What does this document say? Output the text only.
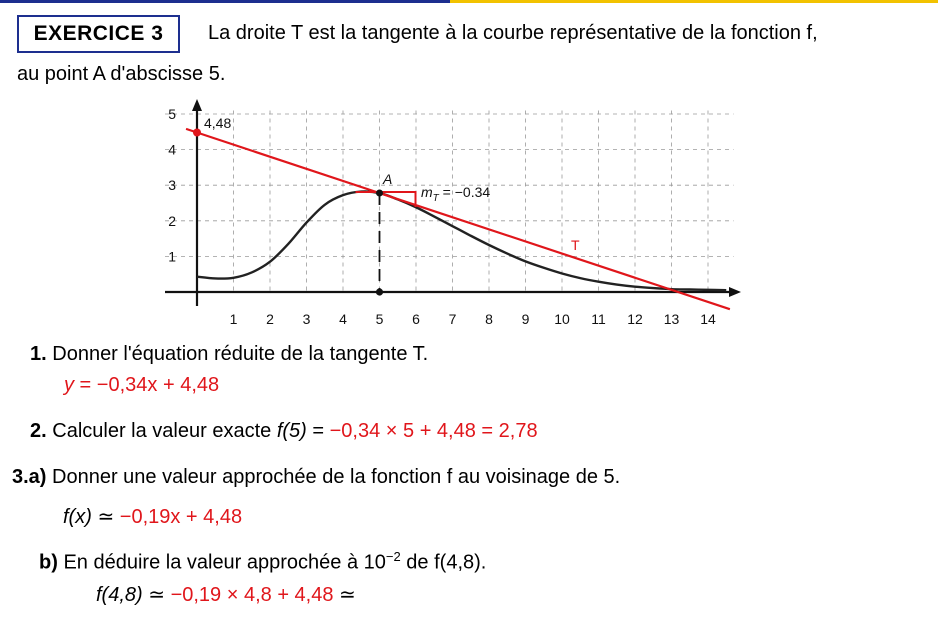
EXERCICE 3	La droite T est la tangente à la courbe représentative de la fonction f,
au point A d'abscisse 5.
1 2 3 4 5 6 7 8 9 10 11 12 13 14
1
2
3
4
5
4,48
A
$m_T = -0.34$
T
1. Donner l'équation réduite de la tangente T.
y = −0,34x + 4,48
2. Calculer la valeur exacte f(5) = −0,34 × 5 + 4,48 = 2,78
3.a) Donner une valeur approchée de la fonction f au voisinage de 5.
f(x) ≃ −0,19x + 4,48
b) En déduire la valeur approchée à $10^{-2}$ de f(4,8).
f(4,8) ≃ −0,19 × 4,8 + 4,48 ≃
